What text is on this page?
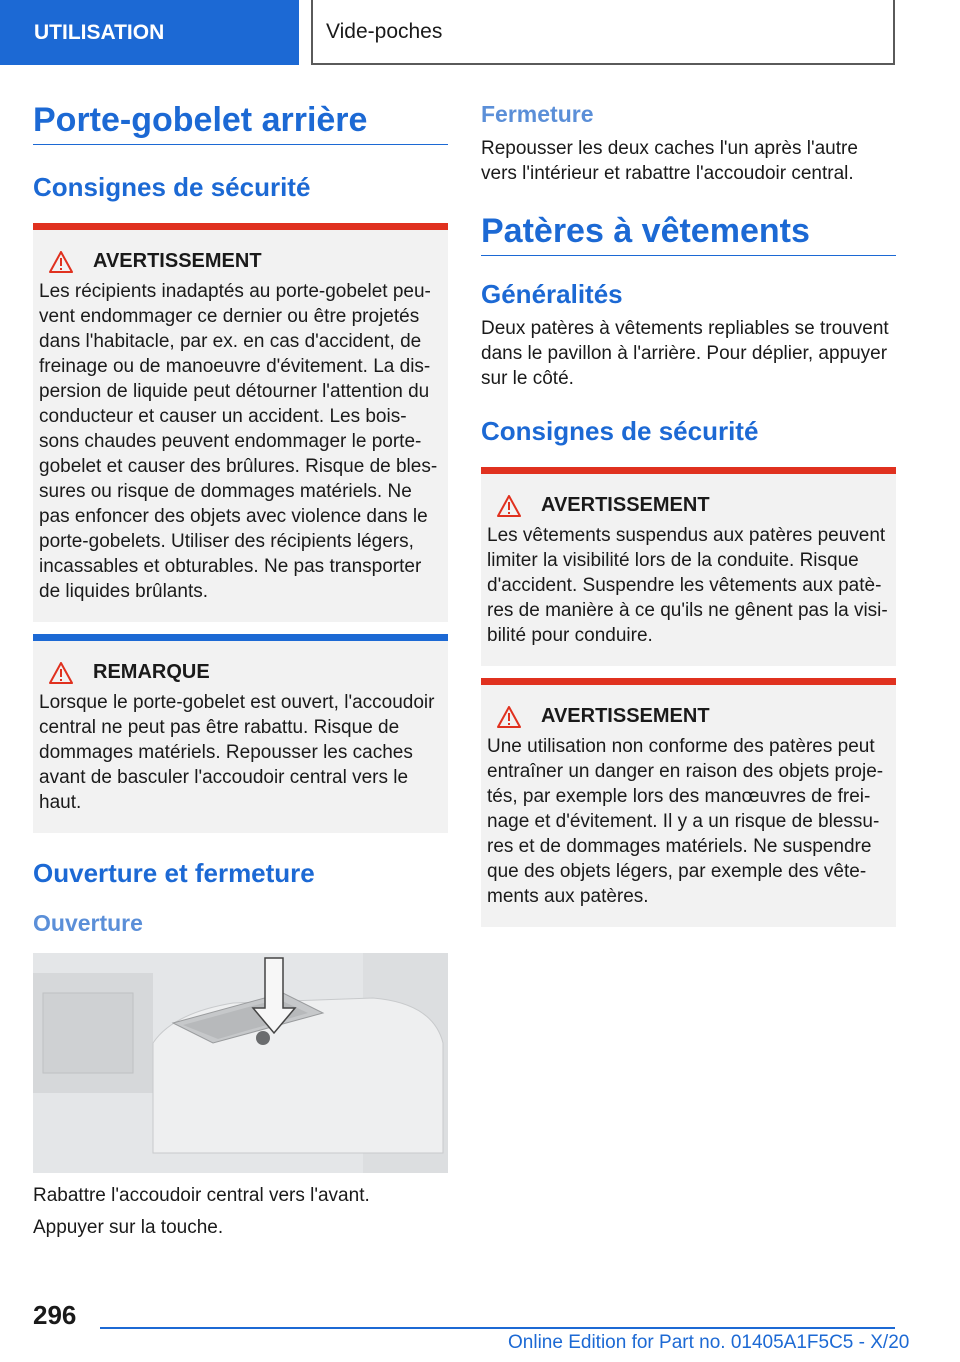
UTILISATION	Vide-poches
Porte-gobelet arrière
Consignes de sécurité
AVERTISSEMENT

Les récipients inadaptés au porte-gobelet peu- vent endommager ce dernier ou être projetés dans l'habitacle, par ex. en cas d'accident, de freinage ou de manoeuvre d'évitement. La dis- persion de liquide peut détourner l'attention du conducteur et causer un accident. Les bois- sons chaudes peuvent endommager le porte- gobelet et causer des brûlures. Risque de bles- sures ou risque de dommages matériels. Ne pas enfoncer des objets avec violence dans le porte-gobelets. Utiliser des récipients légers, incassables et obturables. Ne pas transporter de liquides brûlants.

REMARQUE

Lorsque le porte-gobelet est ouvert, l'accoudoir central ne peut pas être rabattu. Risque de dommages matériels. Repousser les caches avant de basculer l'accoudoir central vers le haut.

Ouverture et fermeture
Ouverture

Rabattre l'accoudoir central vers l'avant.

Appuyer sur la touche.

Fermeture

Repousser les deux caches l'un après l'autre vers l'intérieur et rabattre l'accoudoir central.

Patères à vêtements
Généralités

Deux patères à vêtements repliables se trouvent dans le pavillon à l'arrière. Pour déplier, appuyer sur le côté.

Consignes de sécurité
AVERTISSEMENT

Les vêtements suspendus aux patères peuvent limiter la visibilité lors de la conduite. Risque d'accident. Suspendre les vêtements aux patè- res de manière à ce qu'ils ne gênent pas la visi- bilité pour conduire.

AVERTISSEMENT

Une utilisation non conforme des patères peut entraîner un danger en raison des objets proje- tés, par exemple lors des manœuvres de frei- nage et d'évitement. Il y a un risque de blessu- res et de dommages matériels. Ne suspendre que des objets légers, par exemple des vête- ments aux patères.

296
Online Edition for Part no. 01405A1F5C5 - X/20
